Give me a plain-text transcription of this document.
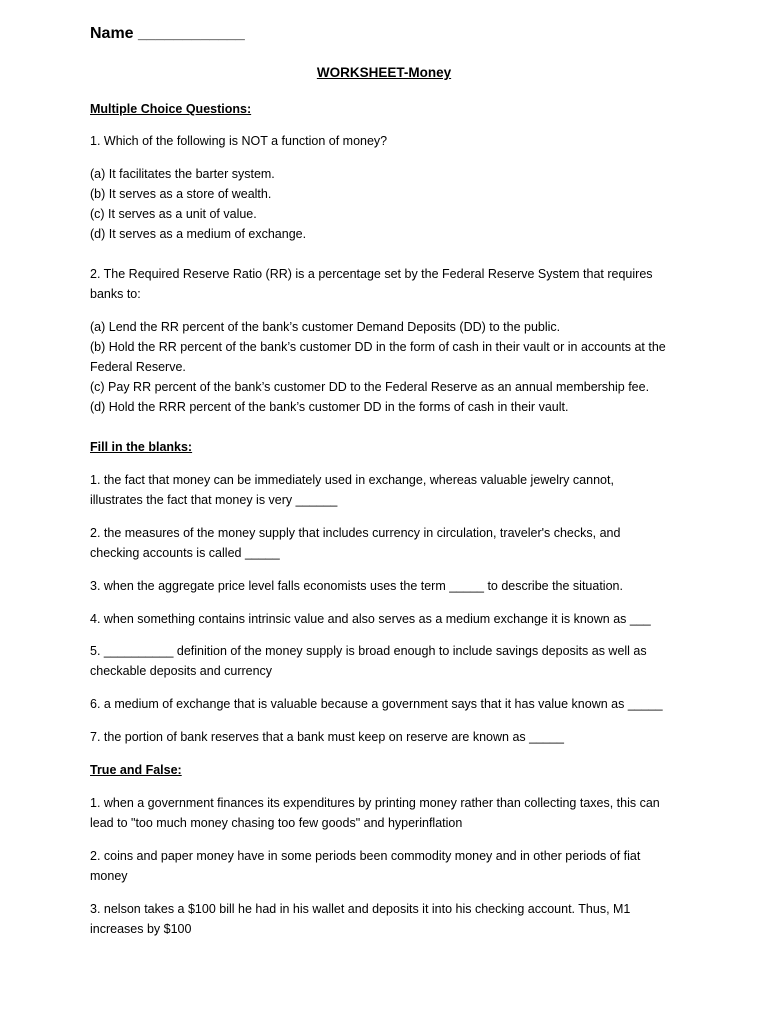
Name ____________
WORKSHEET-Money
Multiple Choice Questions:
1. Which of the following is NOT a function of money?
(a) It facilitates the barter system.
(b) It serves as a store of wealth.
(c) It serves as a unit of value.
(d) It serves as a medium of exchange.
2. The Required Reserve Ratio (RR) is a percentage set by the Federal Reserve System that requires
banks to:
(a) Lend the RR percent of the bank’s customer Demand Deposits (DD) to the public.
(b) Hold the RR percent of the bank’s customer DD in the form of cash in their vault or in accounts at the
Federal Reserve.
(c) Pay RR percent of the bank’s customer DD to the Federal Reserve as an annual membership fee.
(d) Hold the RRR percent of the bank’s customer DD in the forms of cash in their vault.
Fill in the blanks:
1. the fact that money can be immediately used in exchange, whereas valuable jewelry cannot,
illustrates the fact that money is very ______
2. the measures of the money supply that includes currency in circulation, traveler's checks, and
checking accounts is called _____
3. when the aggregate price level falls economists uses the term _____ to describe the situation.
4. when something contains intrinsic value and also serves as a medium exchange it is known as ___
5. __________ definition of the money supply is broad enough to include savings deposits as well as
checkable deposits and currency
6. a medium of exchange that is valuable because a government says that it has value known as _____
7. the portion of bank reserves that a bank must keep on reserve are known as _____
True and False:
1. when a government finances its expenditures by printing money rather than collecting taxes, this can
lead to "too much money chasing too few goods" and hyperinflation
2. coins and paper money have in some periods been commodity money and in other periods of fiat
money
3. nelson takes a $100 bill he had in his wallet and deposits it into his checking account. Thus, M1
increases by $100
